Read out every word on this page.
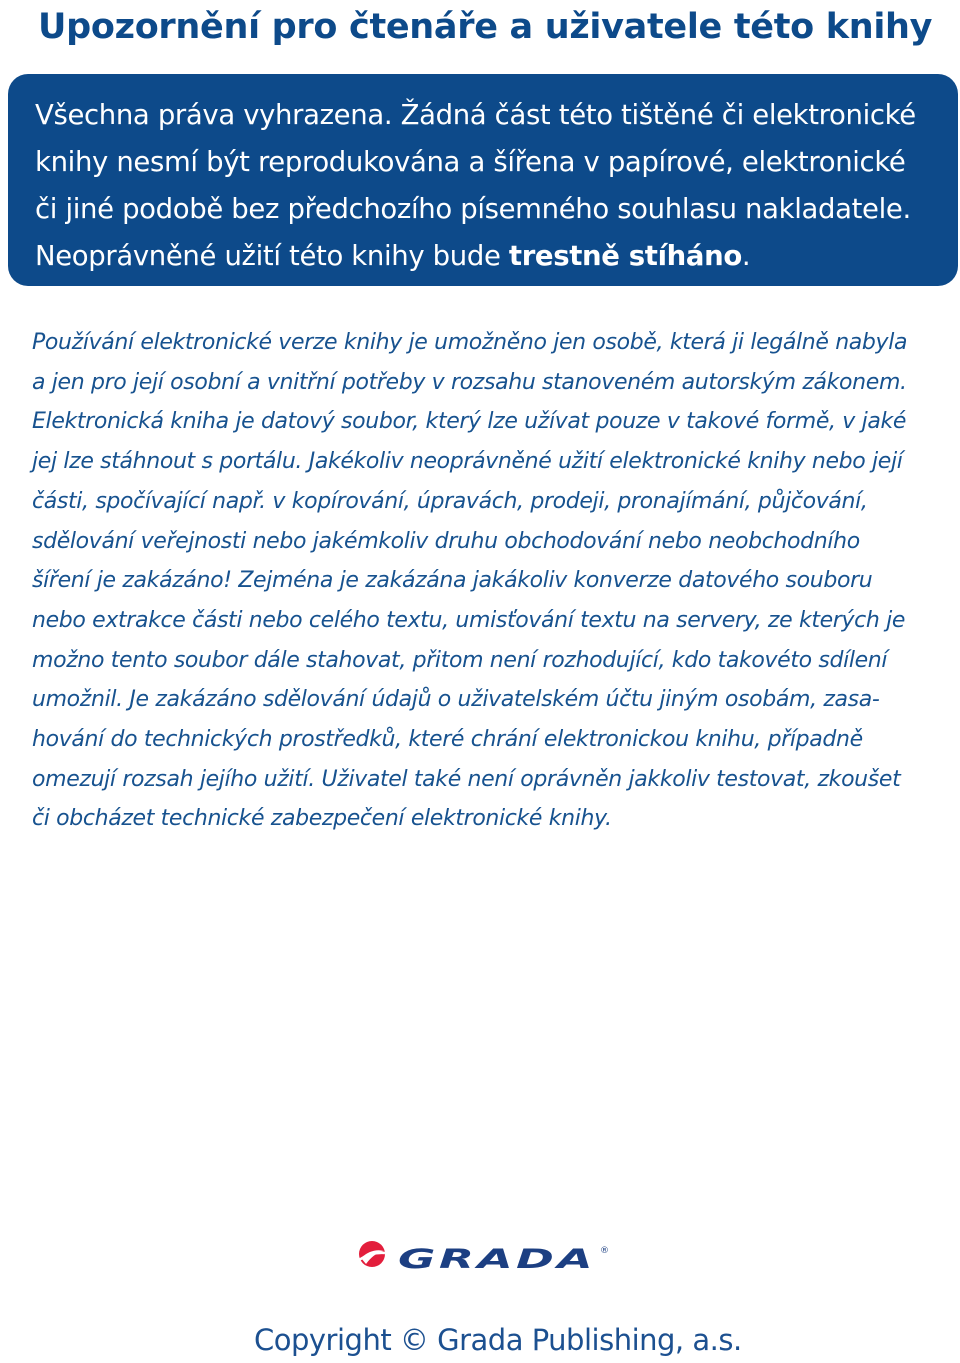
Upozornění pro čtenáře a uživatele této knihy

Všechna práva vyhrazena. Žádná část této tištěné či elektronické
knihy nesmí být reprodukována a šířena v papírové, elektronické
či jiné podobě bez předchozího písemného souhlasu nakladatele.
Neoprávněné užití této knihy bude trestně stíháno.

Používání elektronické verze knihy je umožněno jen osobě, která ji legálně nabyla
a jen pro její osobní a vnitřní potřeby v rozsahu stanoveném autorským zákonem.
Elektronická kniha je datový soubor, který lze užívat pouze v takové formě, v jaké
jej lze stáhnout s portálu. Jakékoliv neoprávněné užití elektronické knihy nebo její
části, spočívající např. v kopírování, úpravách, prodeji, pronajímání, půjčování,
sdělování veřejnosti nebo jakémkoliv druhu obchodování nebo neobchodního
šíření je zakázáno! Zejména je zakázána jakákoliv konverze datového souboru
nebo extrakce části nebo celého textu, umisťování textu na servery, ze kterých je
možno tento soubor dále stahovat, přitom není rozhodující, kdo takovéto sdílení
umožnil. Je zakázáno sdělování údajů o uživatelském účtu jiným osobám, zasa-
hování do technických prostředků, které chrání elektronickou knihu, případně
omezují rozsah jejího užití. Uživatel také není oprávněn jakkoliv testovat, zkoušet
či obcházet technické zabezpečení elektronické knihy.

GRADA ®

Copyright © Grada Publishing, a.s.
